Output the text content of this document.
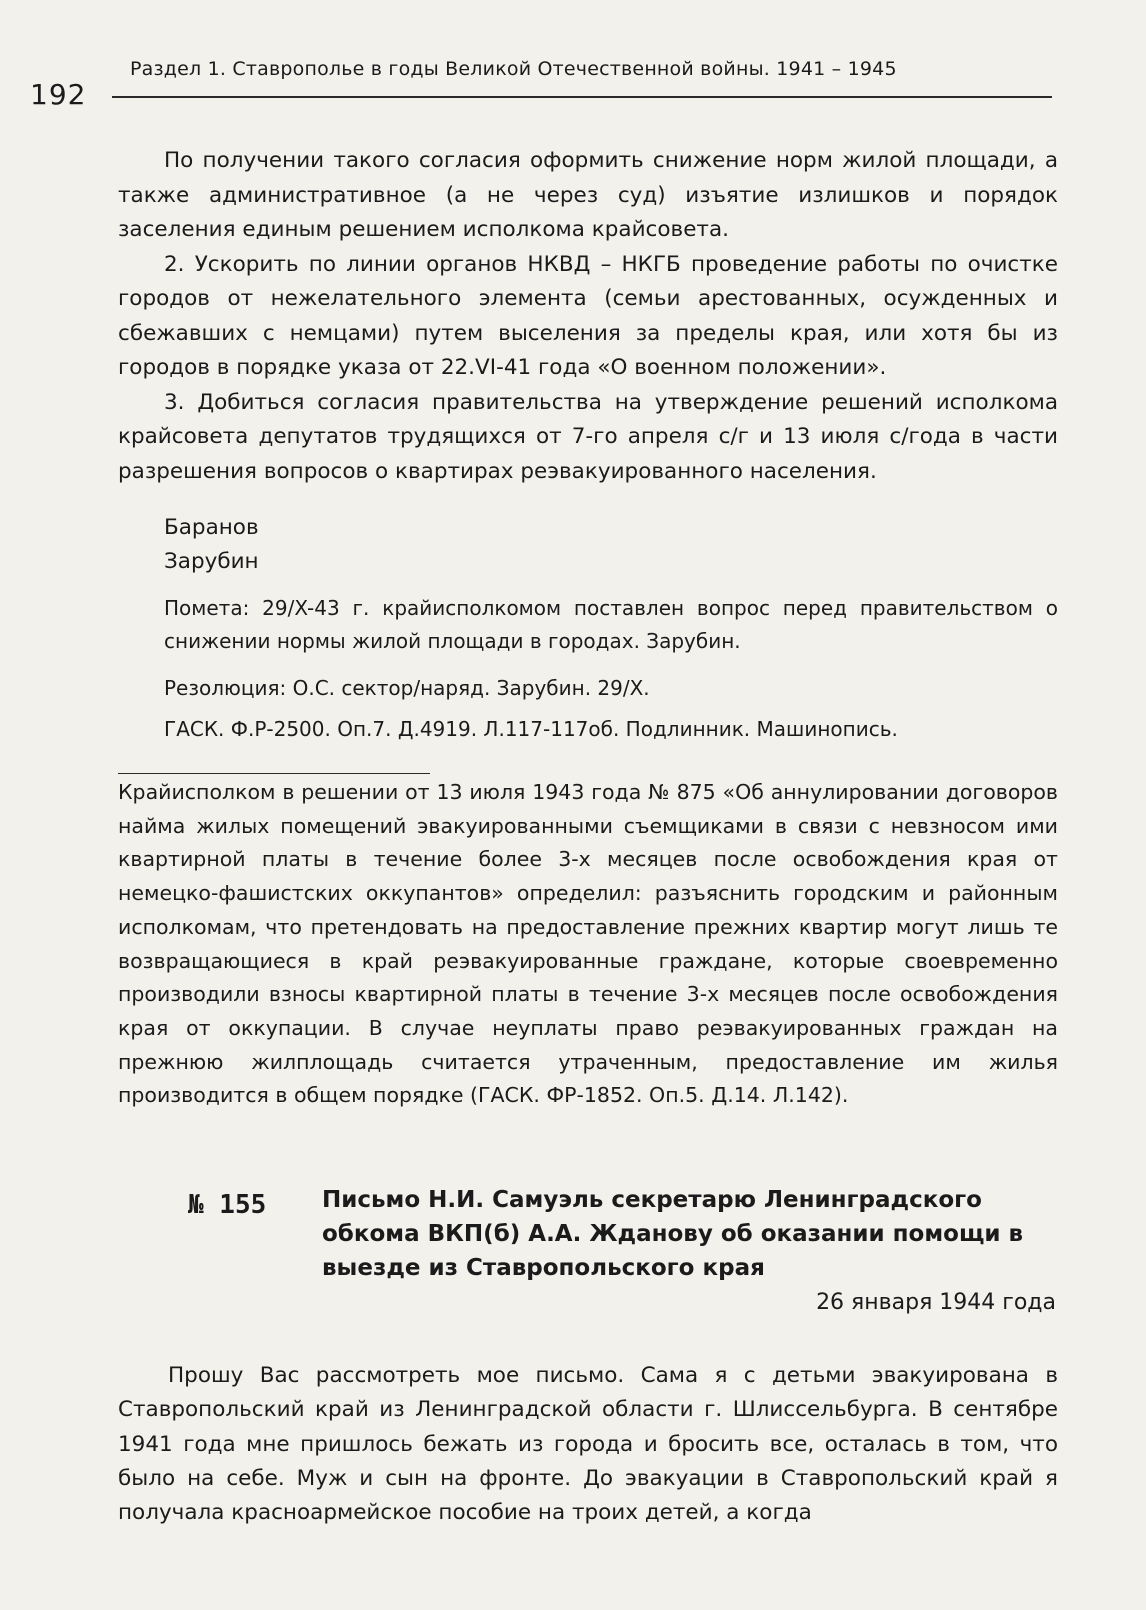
192
Раздел 1. Ставрополье в годы Великой Отечественной войны. 1941 – 1945

По получении такого согласия оформить снижение норм жилой площади, а также административное (а не через суд) изъятие излишков и порядок заселения единым решением исполкома крайсовета.

2. Ускорить по линии органов НКВД – НКГБ проведение работы по очистке городов от нежелательного элемента (семьи арестованных, осужденных и сбежавших с немцами) путем выселения за пределы края, или хотя бы из городов в порядке указа от 22.VI-41 года «О военном положении».

3. Добиться согласия правительства на утверждение решений исполкома крайсовета депутатов трудящихся от 7-го апреля с/г и 13 июля с/года в части разрешения вопросов о квартирах реэвакуированного населения.

Баранов
Зарубин

Помета: 29/X-43 г. крайисполкомом поставлен вопрос перед правительством о снижении нормы жилой площади в городах. Зарубин.

Резолюция: О.С. сектор/наряд. Зарубин. 29/X.

ГАСК. Ф.Р-2500. Оп.7. Д.4919. Л.117-117об. Подлинник. Машинопись.

Крайисполком в решении от 13 июля 1943 года № 875 «Об аннулировании договоров найма жилых помещений эвакуированными съемщиками в связи с невзносом ими квартирной платы в течение более 3-х месяцев после освобождения края от немецко-фашистских оккупантов» определил: разъяснить городским и районным исполкомам, что претендовать на предоставление прежних квартир могут лишь те возвращающиеся в край реэвакуированные граждане, которые своевременно производили взносы квартирной платы в течение 3-х месяцев после освобождения края от оккупации. В случае неуплаты право реэвакуированных граждан на прежнюю жилплощадь считается утраченным, предоставление им жилья производится в общем порядке (ГАСК. ФР-1852. Оп.5. Д.14. Л.142).
№ 155 Письмо Н.И. Самуэль секретарю Ленинградского обкома ВКП(б) А.А. Жданову об оказании помощи в выезде из Ставропольского края
26 января 1944 года

Прошу Вас рассмотреть мое письмо. Сама я с детьми эвакуирована в Ставропольский край из Ленинградской области г. Шлиссельбурга. В сентябре 1941 года мне пришлось бежать из города и бросить все, осталась в том, что было на себе. Муж и сын на фронте. До эвакуации в Ставропольский край я получала красноармейское пособие на троих детей, а когда
